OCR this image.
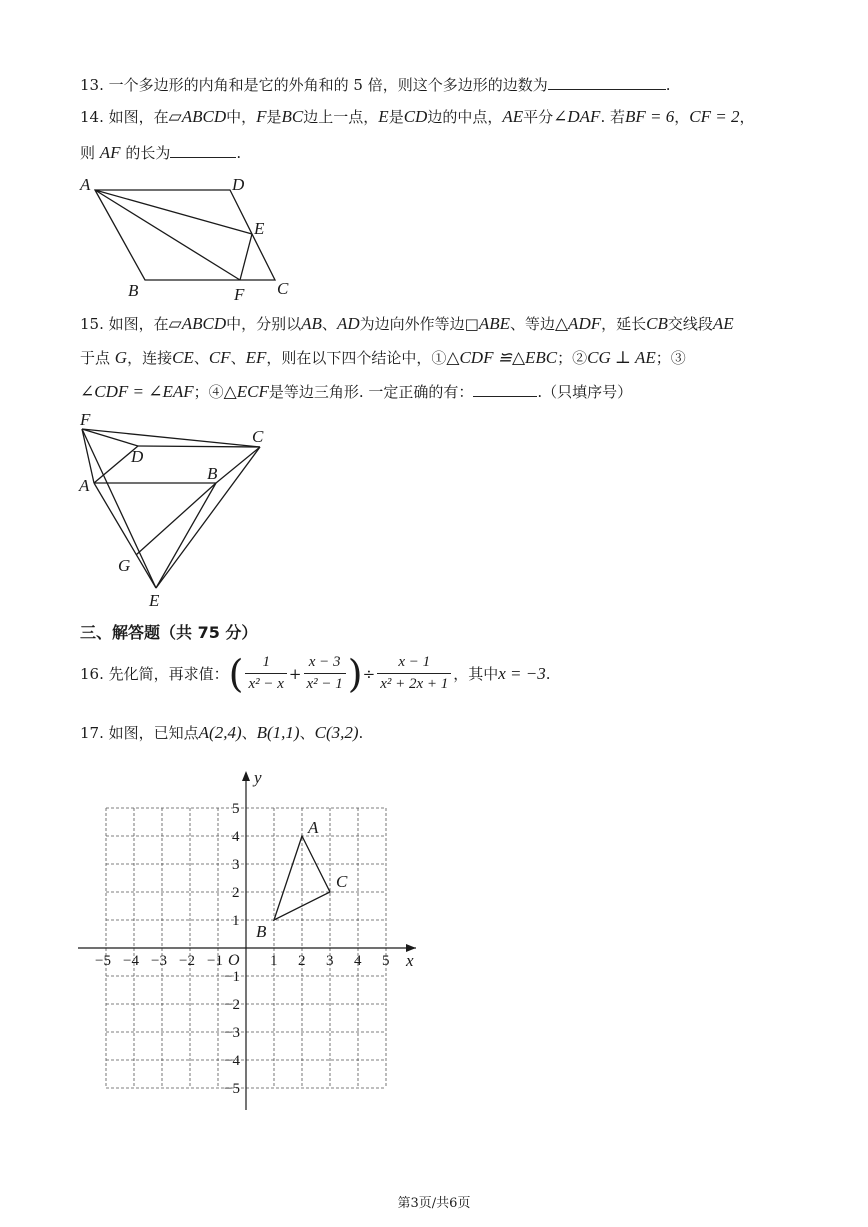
13. 一个多边形的内角和是它的外角和的 5 倍，则这个多边形的边数为	.
14. 如图，在▱ABCD中，F是BC边上一点，E是CD边的中点，AE平分∠DAF. 若BF = 6，CF = 2，
则 AF 的长为	.
A	D
E
B	F C
15. 如图，在▱ABCD中，分别以AB、AD为边向外作等边□ABE、等边△ADF，延长CB交线段AE
于点 G，连接CE、CF、EF，则在以下四个结论中，①△CDF ≌△EBC；②CG ⊥ AE；③
∠CDF = ∠EAF；④△ECF是等边三角形. 一定正确的有：	.（只填序号）
F
C
D
A
B
G
E
三、解答题（共 75 分）
16.
先化简，再求值： ( $\frac{1}{\text{x² − x}} + \frac{x - 3}{\text{x² − 1}}$ ) ÷ $\frac{x - 1}{\text{x² + 2x + 1}}$ ，其中 x = −3 .
17. 如图，已知点A(2,4)、B(1,1)、C(3,2).
x
y
O
−5 −4 −3 −2 −1	1 2 3 4 5
5
4
3
2
1
−1
−2
−3
−4
−5
A
B
C
第3页/共6页
